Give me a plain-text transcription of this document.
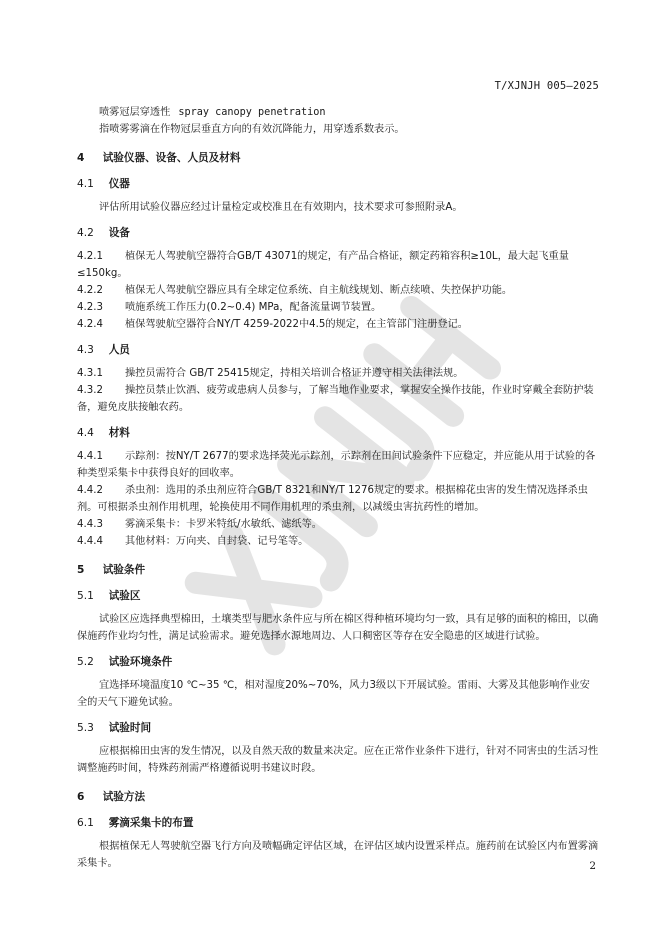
T/XJNJH 005—2025

喷雾冠层穿透性 spray canopy penetration

指喷雾雾滴在作物冠层垂直方向的有效沉降能力，用穿透系数表示。

4 试验仪器、设备、人员及材料
4.1 仪器

评估所用试验仪器应经过计量检定或校准且在有效期内，技术要求可参照附录A。

4.2 设备

4.2.1 植保无人驾驶航空器符合GB/T 43071的规定，有产品合格证，额定药箱容积≥10L，最大起飞重量≤150kg。

4.2.2 植保无人驾驶航空器应具有全球定位系统、自主航线规划、断点续喷、失控保护功能。

4.2.3 喷施系统工作压力(0.2~0.4) MPa，配备流量调节装置。

4.2.4 植保驾驶航空器符合NY/T 4259-2022中4.5的规定，在主管部门注册登记。

4.3 人员

4.3.1 操控员需符合 GB/T 25415规定，持相关培训合格证并遵守相关法律法规。

4.3.2 操控员禁止饮酒、疲劳或患病人员参与，了解当地作业要求，掌握安全操作技能，作业时穿戴全套防护装备，避免皮肤接触农药。

4.4 材料

4.4.1 示踪剂：按NY/T 2677的要求选择荧光示踪剂，示踪剂在田间试验条件下应稳定，并应能从用于试验的各种类型采集卡中获得良好的回收率。

4.4.2 杀虫剂：选用的杀虫剂应符合GB/T 8321和NY/T 1276规定的要求。根据棉花虫害的发生情况选择杀虫剂。可根据杀虫剂作用机理，轮换使用不同作用机理的杀虫剂，以减缓虫害抗药性的增加。

4.4.3 雾滴采集卡：卡罗米特纸/水敏纸、滤纸等。

4.4.4 其他材料：万向夹、自封袋、记号笔等。

5 试验条件
5.1 试验区

试验区应选择典型棉田，土壤类型与肥水条件应与所在棉区得种植环境均匀一致，具有足够的面积的棉田，以确保施药作业均匀性，满足试验需求。避免选择水源地周边、人口稠密区等存在安全隐患的区域进行试验。

5.2 试验环境条件

宜选择环境温度10 ℃~35 ℃，相对湿度20%~70%，风力3级以下开展试验。雷雨、大雾及其他影响作业安全的天气下避免试验。

5.3 试验时间

应根据棉田虫害的发生情况，以及自然天敌的数量来决定。应在正常作业条件下进行，针对不同害虫的生活习性调整施药时间，特殊药剂需严格遵循说明书建议时段。

6 试验方法
6.1 雾滴采集卡的布置

根据植保无人驾驶航空器飞行方向及喷幅确定评估区域，在评估区域内设置采样点。施药前在试验区内布置雾滴采集卡。	2
